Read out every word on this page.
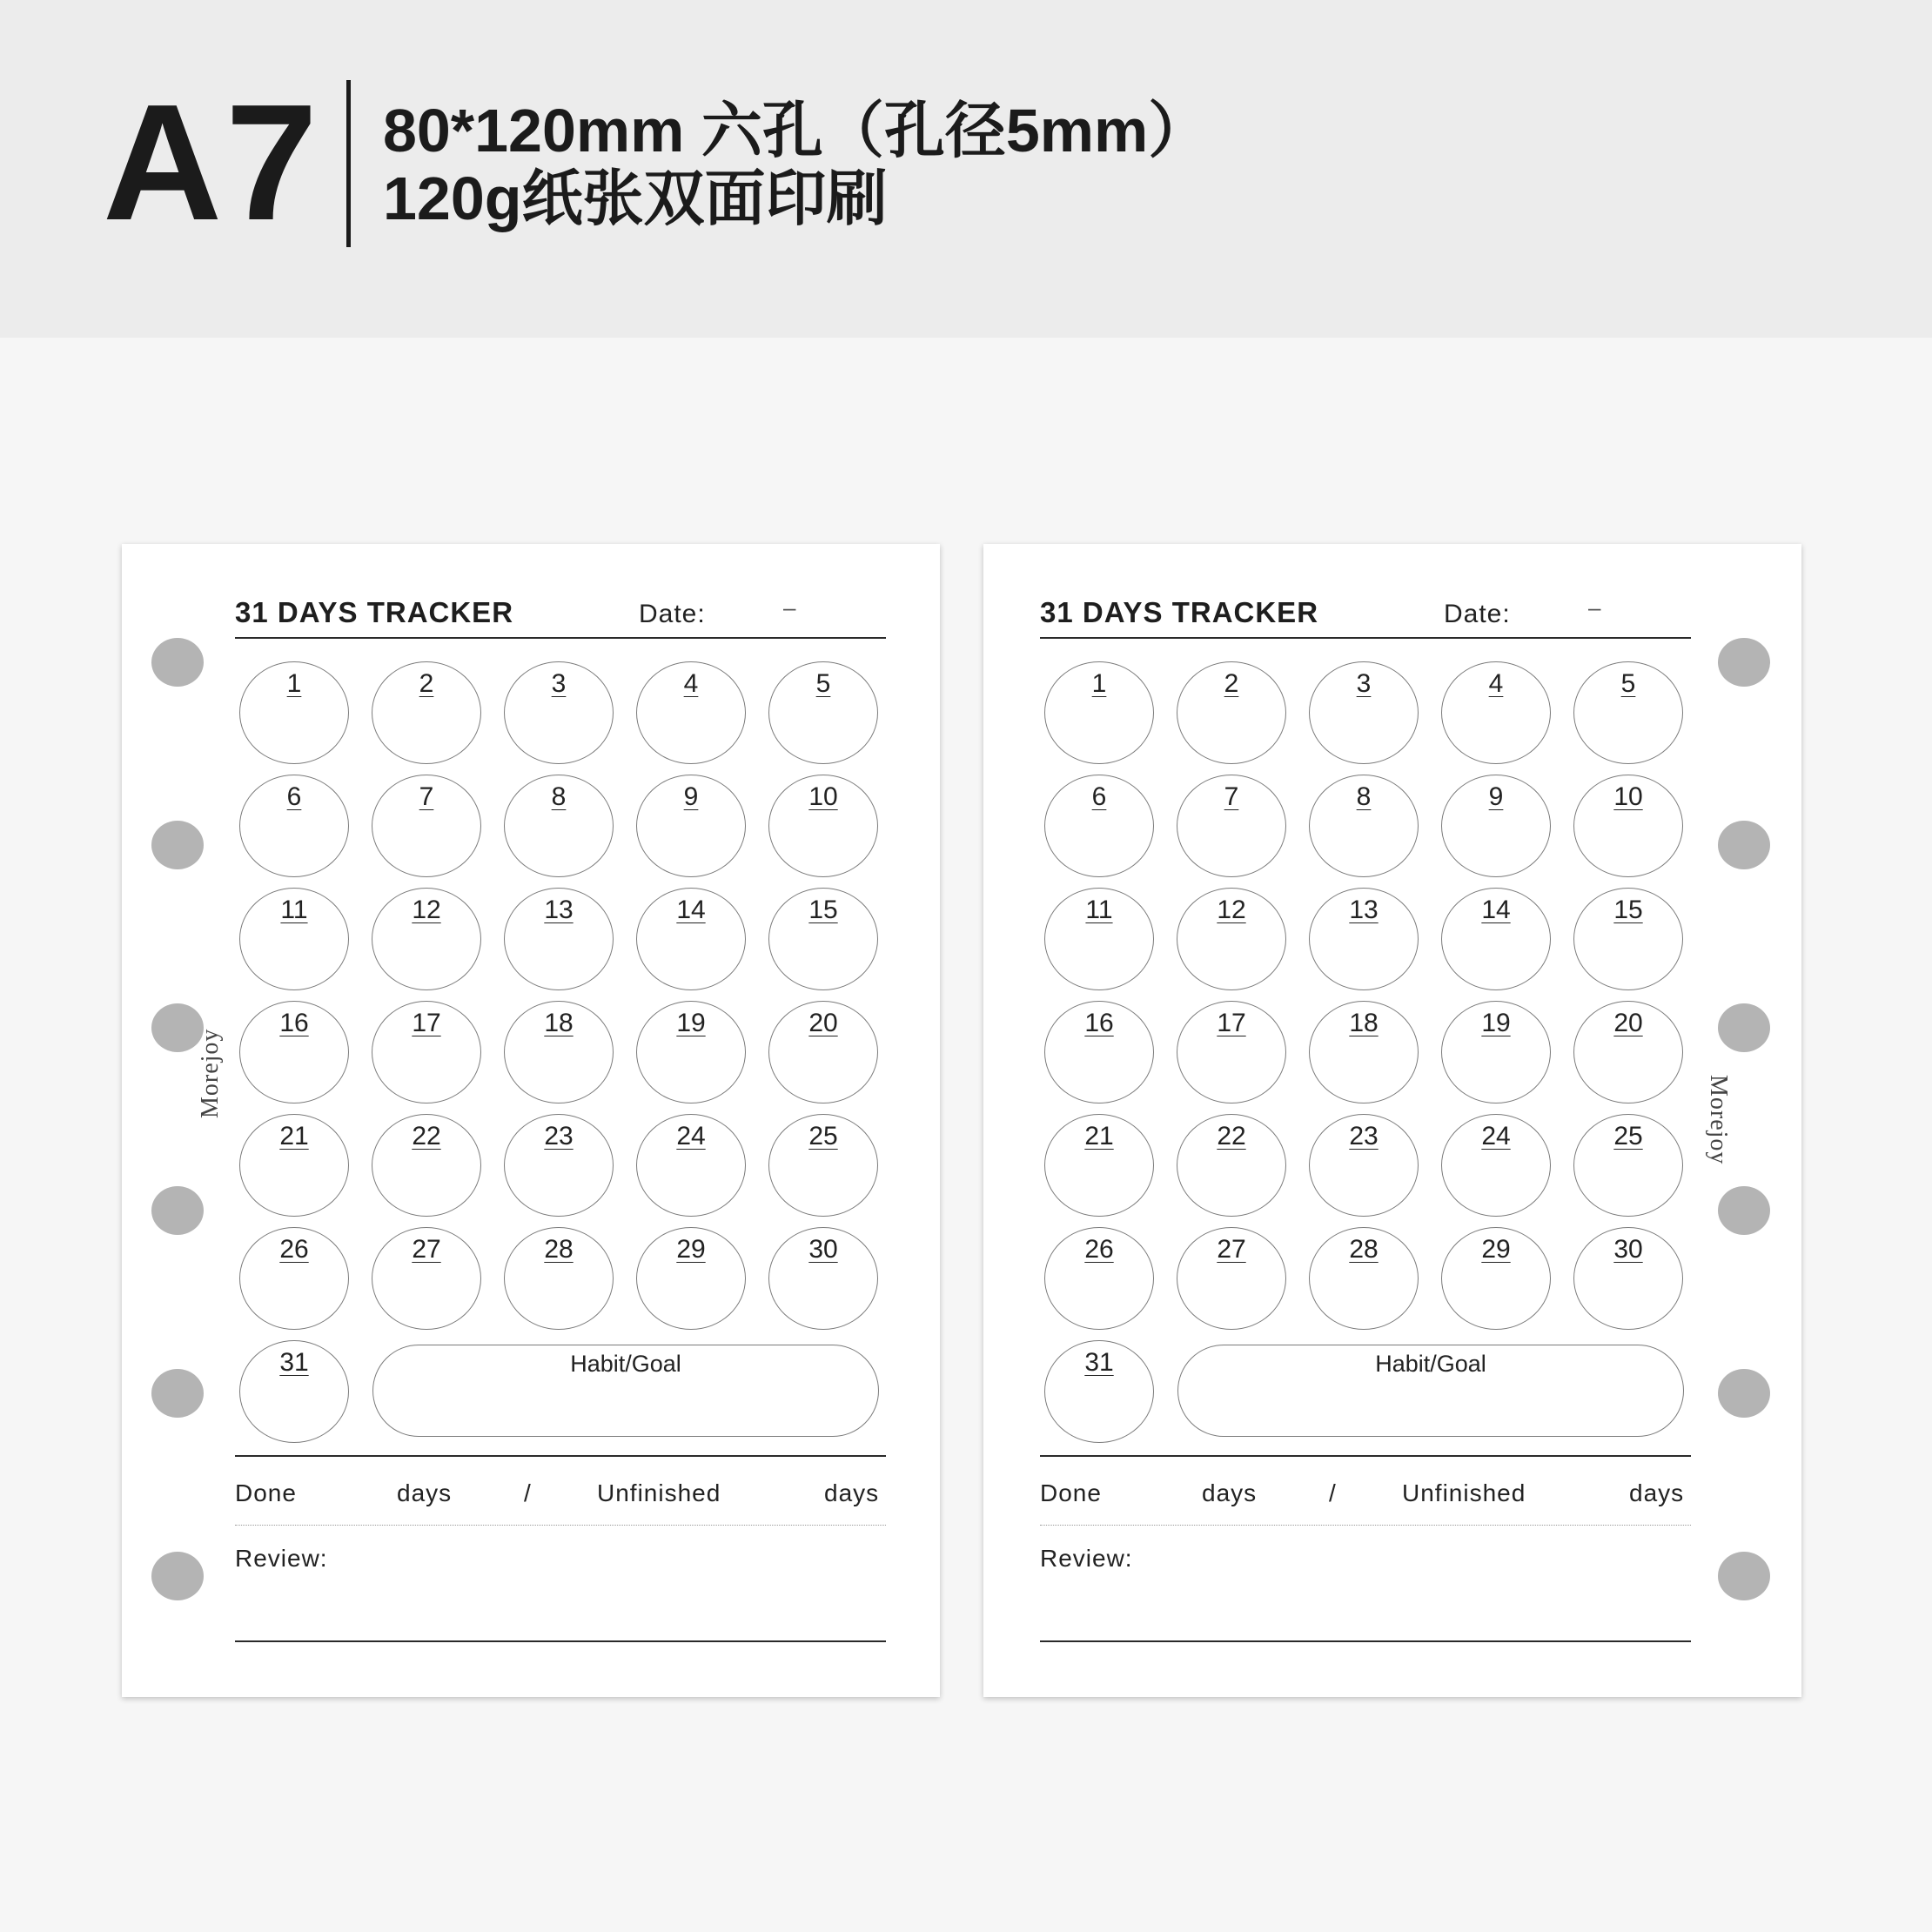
A7 80*120mm 六孔（孔径5mm）
120g纸张双面印刷
Morejoy
31 DAYS TRACKER	Date:	–
1	2	3	4	5
6	7	8	9	10
11	12	13	14	15
16	17	18	19	20
21	22	23	24	25
26	27	28	29	30
31	Habit/Goal
Done	days	/	Unfinished	days
Review:
Morejoy
31 DAYS TRACKER	Date:	–
1	2	3	4	5
6	7	8	9	10
11	12	13	14	15
16	17	18	19	20
21	22	23	24	25
26	27	28	29	30
31	Habit/Goal
Done	days	/	Unfinished	days
Review:
